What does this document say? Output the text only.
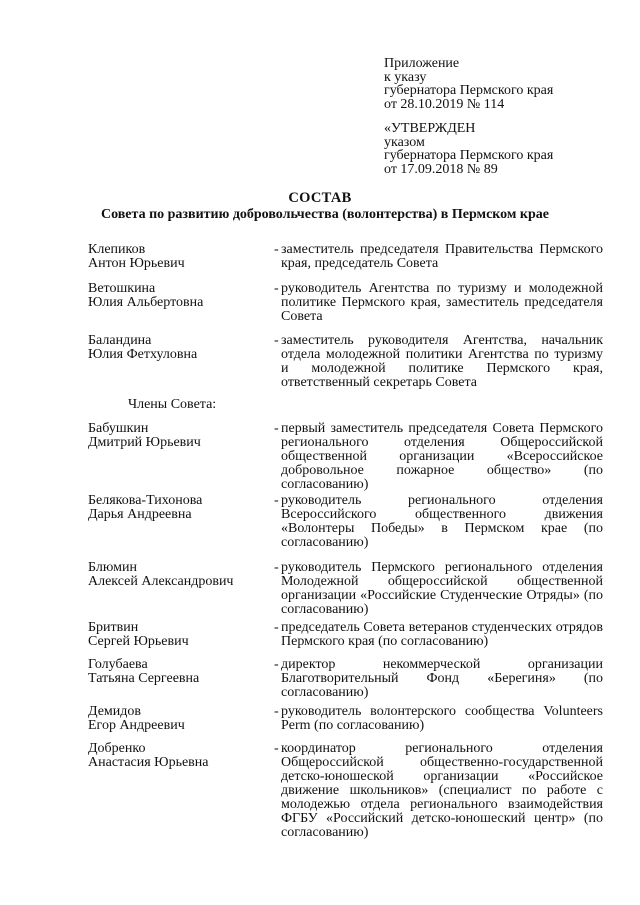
Приложение
к указу
губернатора Пермского края
от 28.10.2019 № 114
«УТВЕРЖДЕН
указом
губернатора Пермского края
от 17.09.2018 № 89
СОСТАВ
Совета по развитию добровольчества (волонтерства) в Пермском крае
Клепиков
Антон Юрьевич
- заместитель председателя Правительства Пермского края, председатель Совета
Ветошкина
Юлия Альбертовна
- руководитель Агентства по туризму и молодежной политике Пермского края, заместитель председателя Совета
Баландина
Юлия Фетхуловна
- заместитель руководителя Агентства, начальник отдела молодежной политики Агентства по туризму и молодежной политике Пермского края, ответственный секретарь Совета
Члены Совета:
Бабушкин
Дмитрий Юрьевич
- первый заместитель председателя Совета Пермского регионального отделения Общероссийской общественной организации «Всероссийское добровольное пожарное общество» (по согласованию)
Белякова-Тихонова
Дарья Андреевна
- руководитель регионального отделения Всероссийского общественного движения «Волонтеры Победы» в Пермском крае (по согласованию)
Блюмин
Алексей Александрович
- руководитель Пермского регионального отделения Молодежной общероссийской общественной организации «Российские Студенческие Отряды» (по согласованию)
Бритвин
Сергей Юрьевич
- председатель Совета ветеранов студенческих отрядов Пермского края (по согласованию)
Голубаева
Татьяна Сергеевна
- директор некоммерческой организации Благотворительный Фонд «Берегиня» (по согласованию)
Демидов
Егор Андреевич
- руководитель волонтерского сообщества Volunteers Perm (по согласованию)
Добренко
Анастасия Юрьевна
- координатор регионального отделения Общероссийской общественно-государственной детско-юношеской организации «Российское движение школьников» (специалист по работе с молодежью отдела регионального взаимодействия ФГБУ «Российский детско-юношеский центр» (по согласованию)
